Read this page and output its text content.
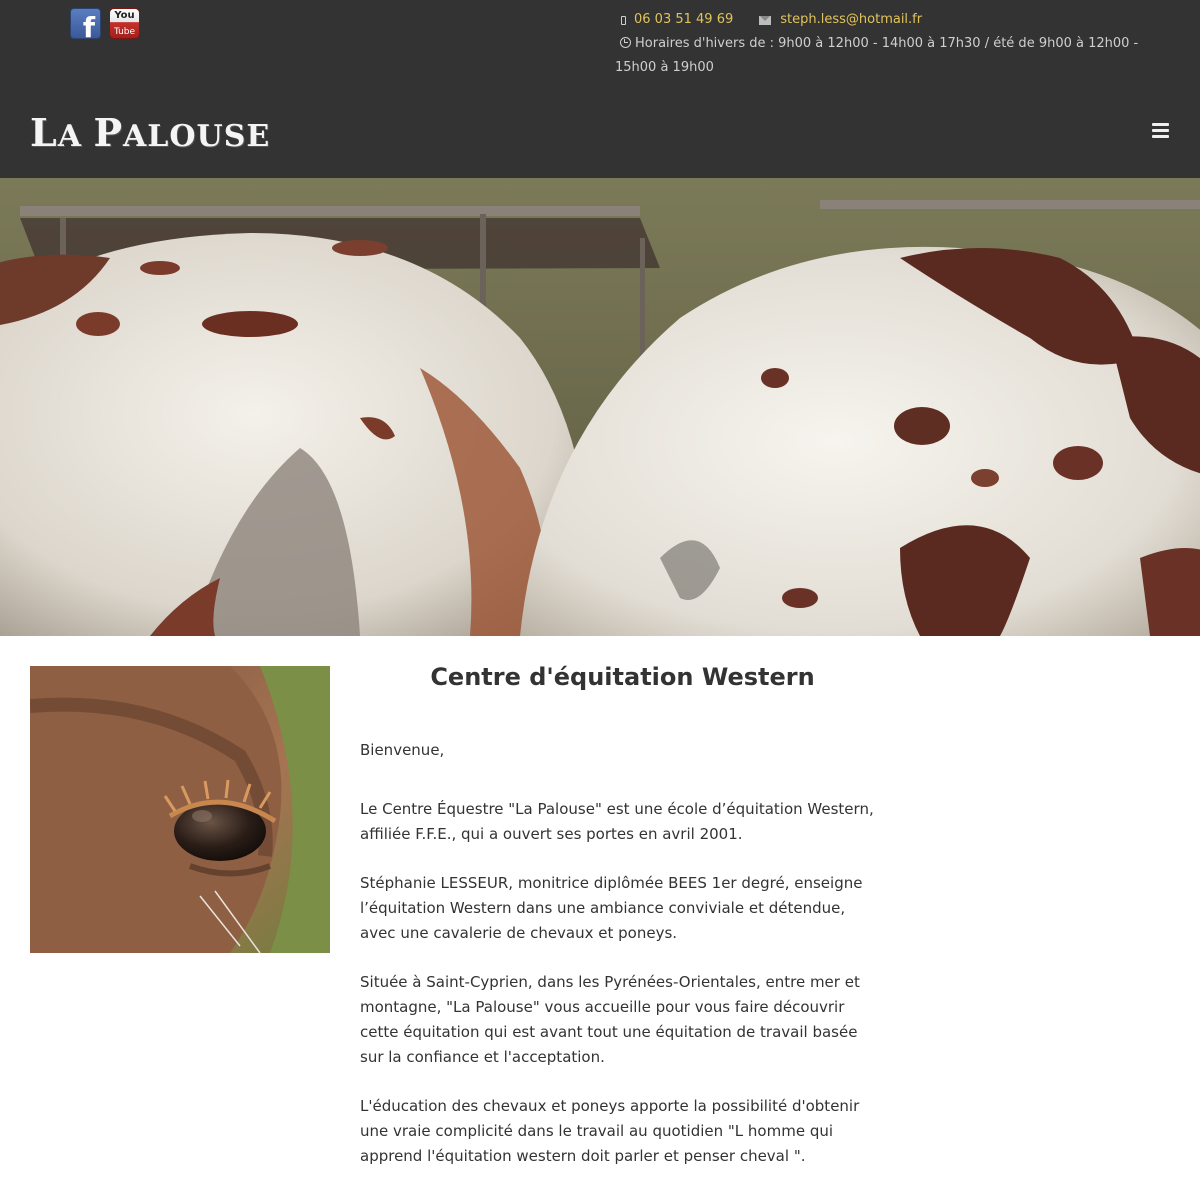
f You
Tube
06 03 51 49 69	steph.less@hotmail.fr
Horaires d'hivers de : 9h00 à 12h00 - 14h00 à 17h30 / été de 9h00 à 12h00 - 15h00 à 19h00
LA PALOUSE
Centre d'équitation Western

Bienvenue,

Le Centre Équestre "La Palouse" est une école d’équitation Western,
affiliée F.F.E., qui a ouvert ses portes en avril 2001.

Stéphanie LESSEUR, monitrice diplômée BEES 1er degré, enseigne
l’équitation Western dans une ambiance conviviale et détendue,
avec une cavalerie de chevaux et poneys.

Située à Saint-Cyprien, dans les Pyrénées-Orientales, entre mer et
montagne, "La Palouse" vous accueille pour vous faire découvrir
cette équitation qui est avant tout une équitation de travail basée
sur la confiance et l'acceptation.

L'éducation des chevaux et poneys apporte la possibilité d'obtenir
une vraie complicité dans le travail au quotidien "L homme qui
apprend l'équitation western doit parler et penser cheval ".
